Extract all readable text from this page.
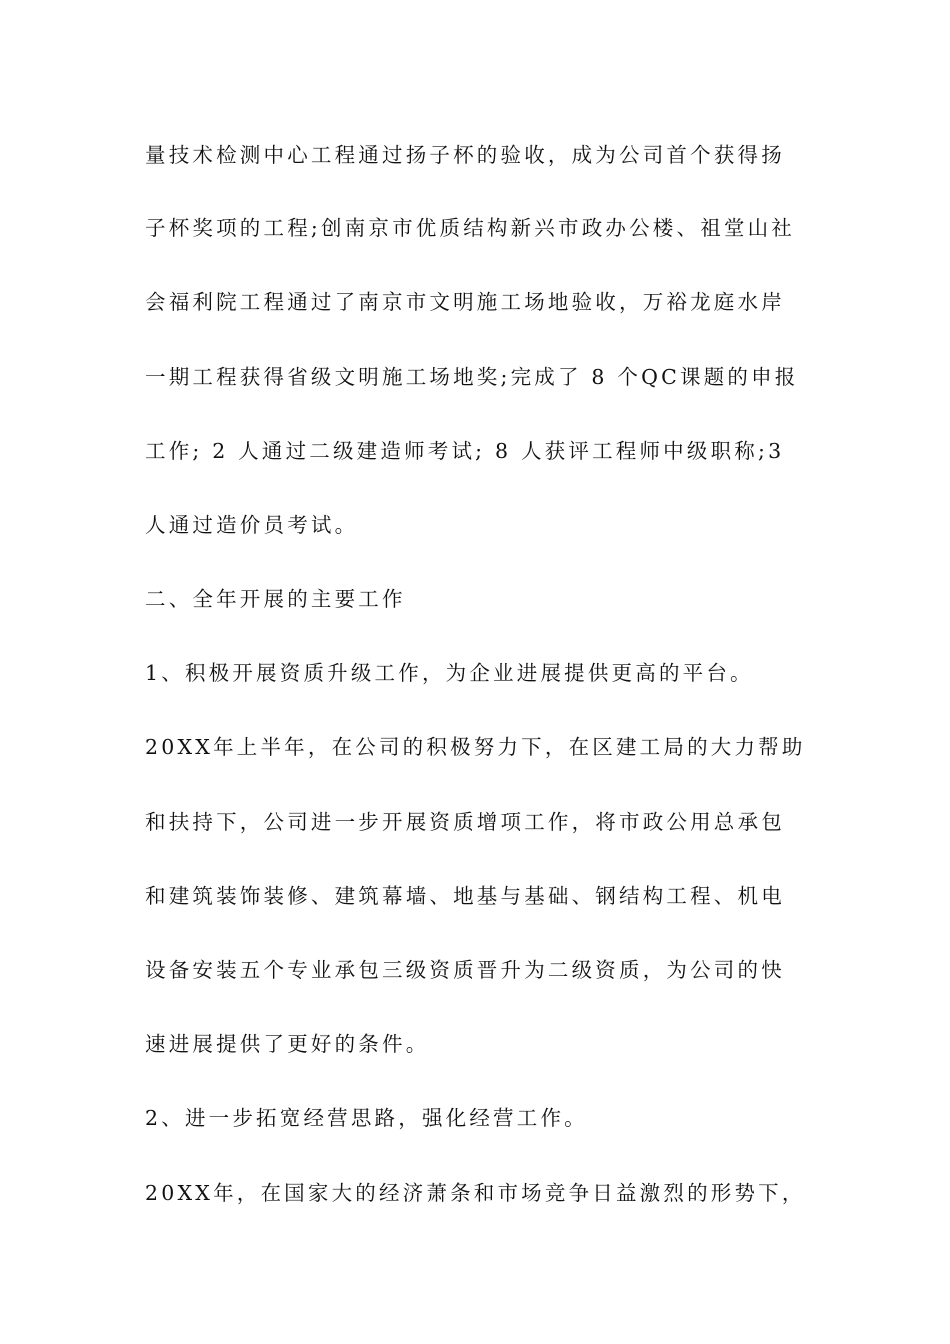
量技术检测中心工程通过扬子杯的验收，成为公司首个获得扬
子杯奖项的工程;创南京市优质结构新兴市政办公楼、祖堂山社
会福利院工程通过了南京市文明施工场地验收，万裕龙庭水岸
一期工程获得省级文明施工场地奖;完成了 8 个QC课题的申报
工作; 2 人通过二级建造师考试; 8 人获评工程师中级职称;3
人通过造价员考试。
二、全年开展的主要工作
1、积极开展资质升级工作，为企业进展提供更高的平台。
20XX年上半年，在公司的积极努力下，在区建工局的大力帮助
和扶持下，公司进一步开展资质增项工作，将市政公用总承包
和建筑装饰装修、建筑幕墙、地基与基础、钢结构工程、机电
设备安装五个专业承包三级资质晋升为二级资质，为公司的快
速进展提供了更好的条件。
2、进一步拓宽经营思路，强化经营工作。
20XX年，在国家大的经济萧条和市场竞争日益激烈的形势下，
